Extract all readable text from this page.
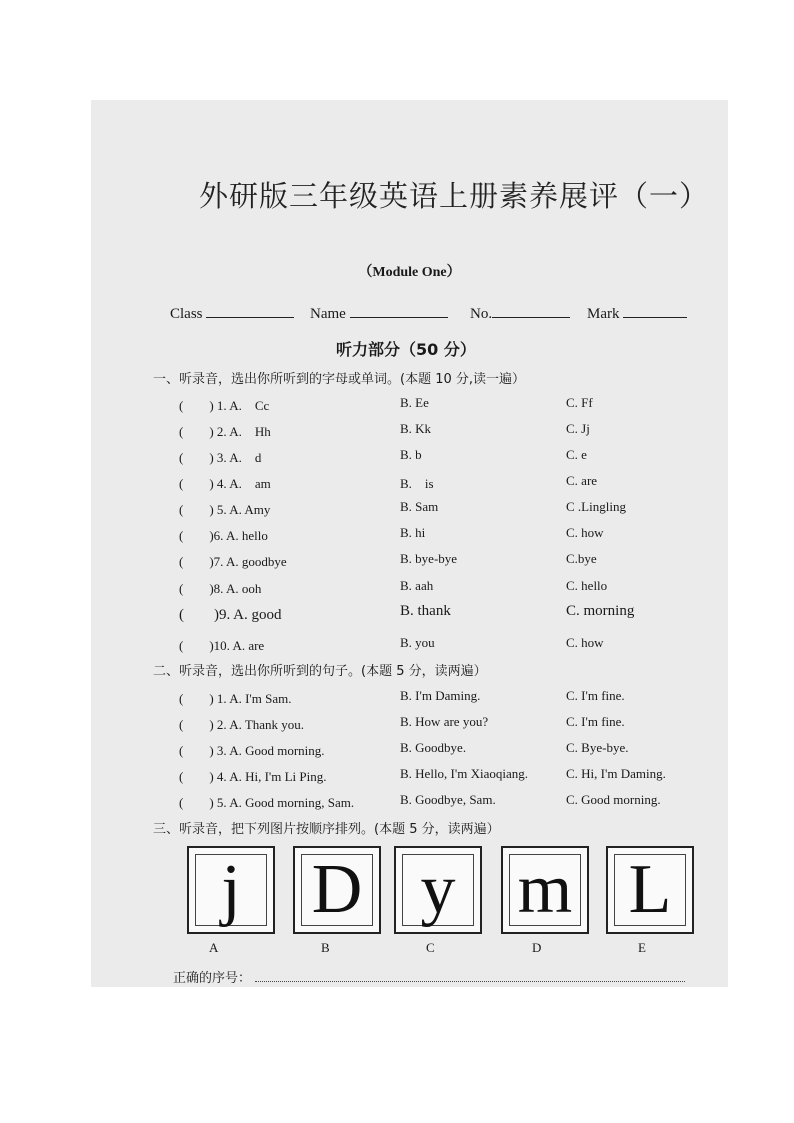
外研版三年级英语上册素养展评（一）
（Module One）
Class	Name	No.	Mark
听力部分（50 分）
一、听录音，选出你所听到的字母或单词。(本题 10 分,读一遍）
(　　) 1. A.　Cc	B. Ee	C. Ff
(　　) 2. A.　Hh	B. Kk	C. Jj
(　　) 3. A.　d	B. b	C. e
(　　) 4. A.　am	B.　is	C. are
(　　) 5. A. Amy	B. Sam	C .Lingling
(　　)6. A. hello	B. hi	C. how
(　　)7. A. goodbye	B. bye-bye	C.bye
(　　)8. A. ooh	B. aah	C. hello
(　　)9. A. good	B. thank	C. morning
(　　)10. A. are	B. you	C. how
二、听录音，选出你所听到的句子。(本题 5 分，读两遍）
(　　) 1. A. I'm Sam.	B. I'm Daming.	C. I'm fine.
(　　) 2. A. Thank you.	B. How are you?	C. I'm fine.
(　　) 3. A. Good morning.	B. Goodbye.	C. Bye-bye.
(　　) 4. A. Hi, I'm Li Ping.	B. Hello, I'm Xiaoqiang.	C. Hi, I'm Daming.
(　　) 5. A. Good morning, Sam.	B. Goodbye, Sam.	C. Good morning.
三、听录音，把下列图片按顺序排列。(本题 5 分，读两遍）
j D y m L
A	B	C	D	E
正确的序号：
